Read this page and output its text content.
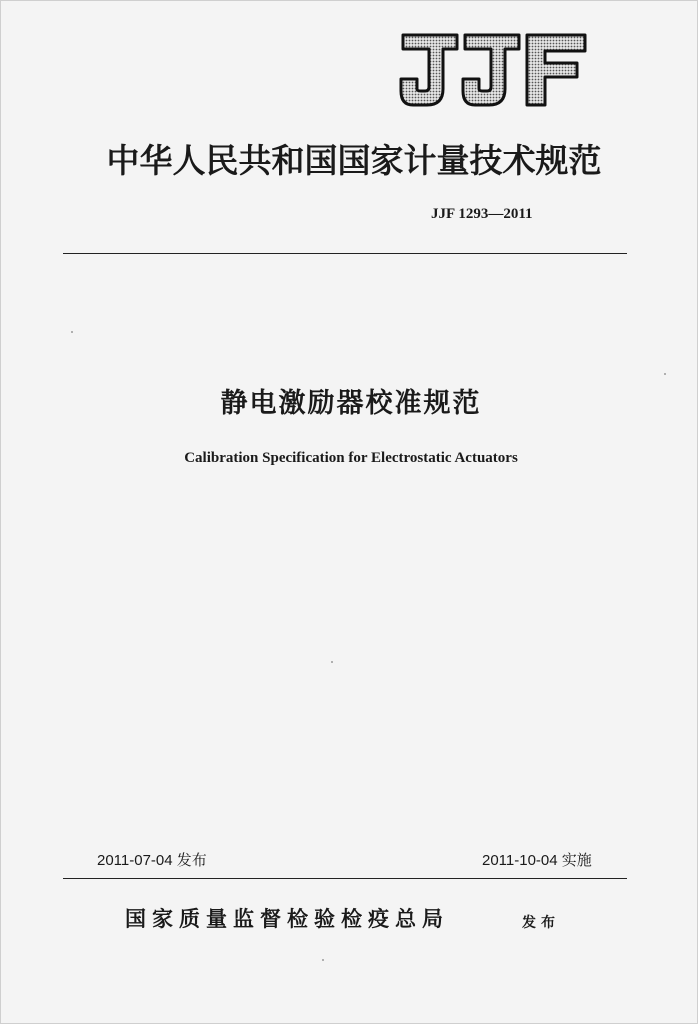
中华人民共和国国家计量技术规范
JJF 1293—2011
静电激励器校准规范
Calibration Specification for Electrostatic Actuators
2011-07-04 发布	2011-10-04 实施
国家质量监督检验检疫总局	发布
